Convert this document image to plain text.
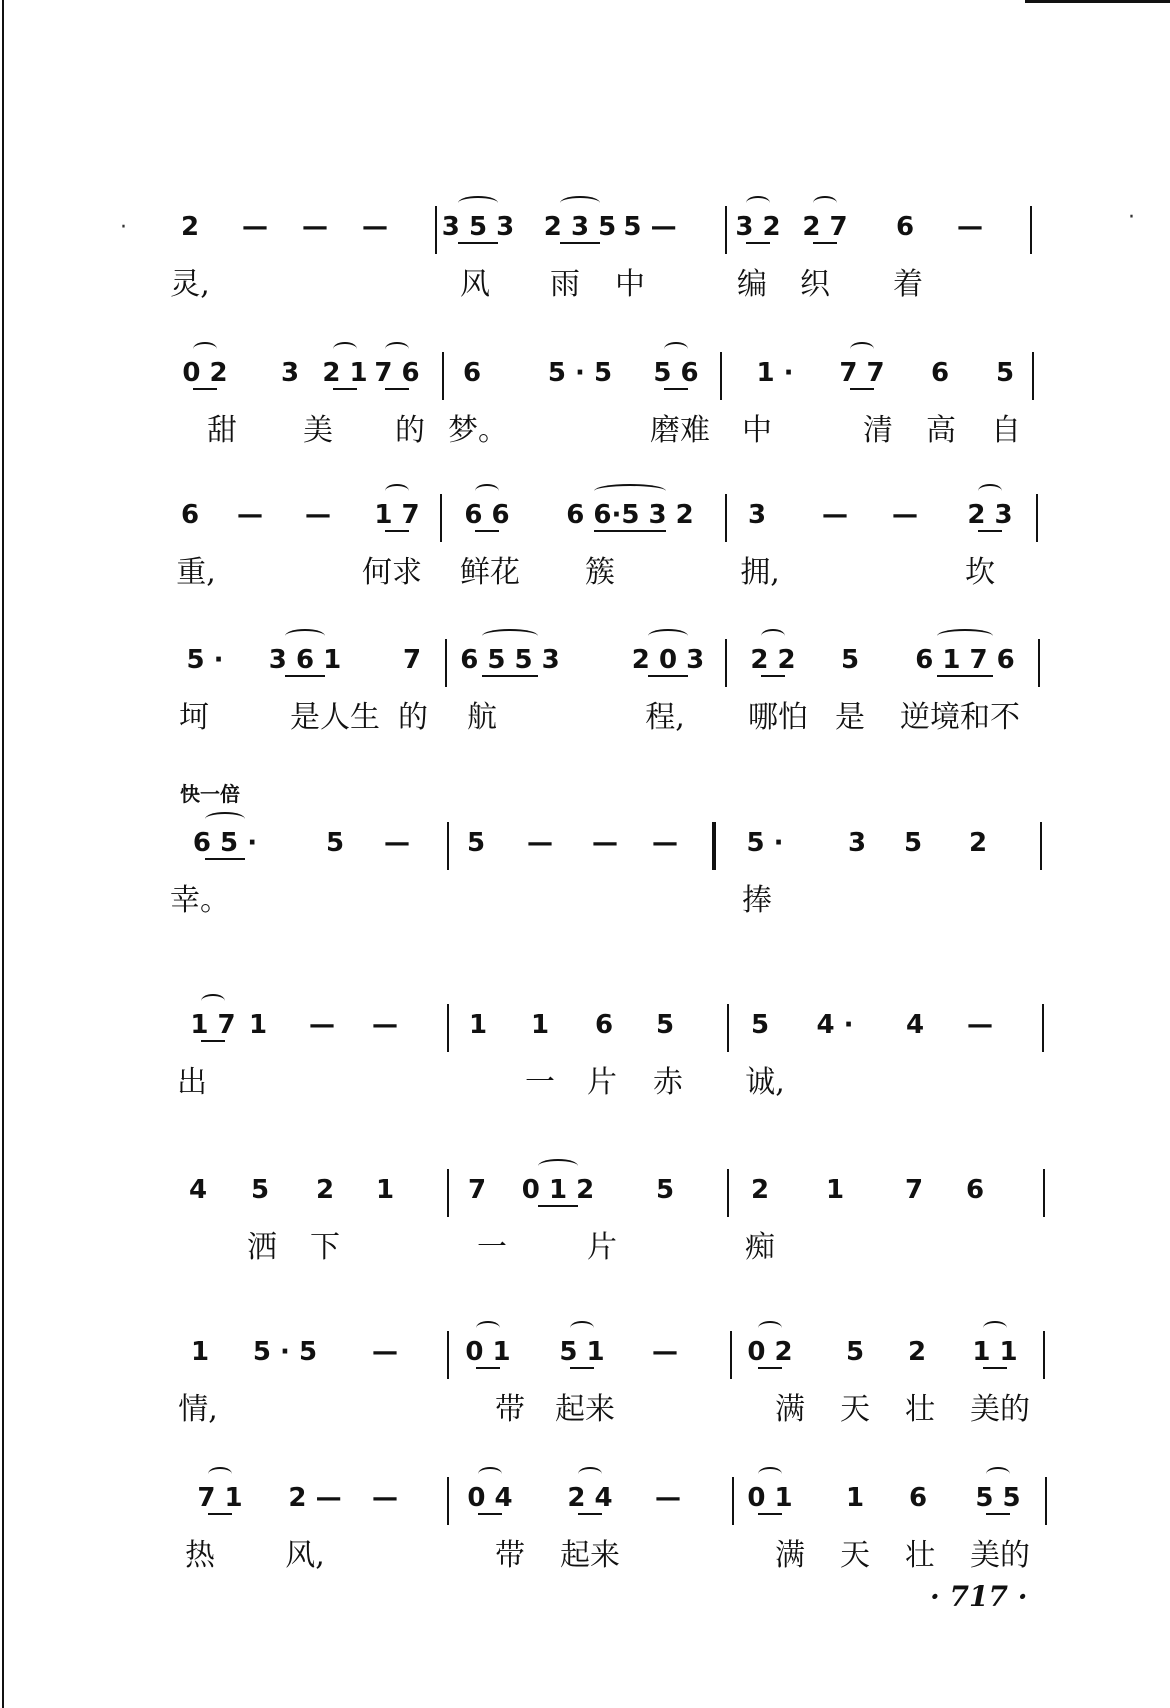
·	·
快一倍
2 — — — 3 5 3 2 3 5 5 — 3 2 2 7 6 —
灵,	风 雨 中	编 织 着
0 2 3 2 1 7 6 6	5 · 5 5 6 1 · 7 7 6 5
甜 美 的 梦。	磨难 中	清 高 自
6 — — 1 7 6 6 6 6·5 3 2 3 — — 2 3
重,	何求 鲜花 簇	拥,	坎
5 · 3 6 1 7 6 5 5 3	2 0 3 2 2 5 6 1 7 6
坷	是人生 的 航	程, 哪怕 是 逆境和不
6 5 ·	5 — 5 — — —	5 · 3 5 2
幸。	捧
1 7 1 — —	1 1 6 5	5 4 · 4 —
出	一 片 赤 诚,
4 5 2 1	7 0 1 2 5	2 1 7 6
洒 下	一	片	痴
1 5 · 5 —	0 1 5 1 —	0 2 5 2 1 1
情,	带 起来	满 天 壮 美的
7 1 2 — —	0 4 2 4 —	0 1 1 6 5 5
热 风,	带 起来	满 天 壮 美的
· 717 ·
